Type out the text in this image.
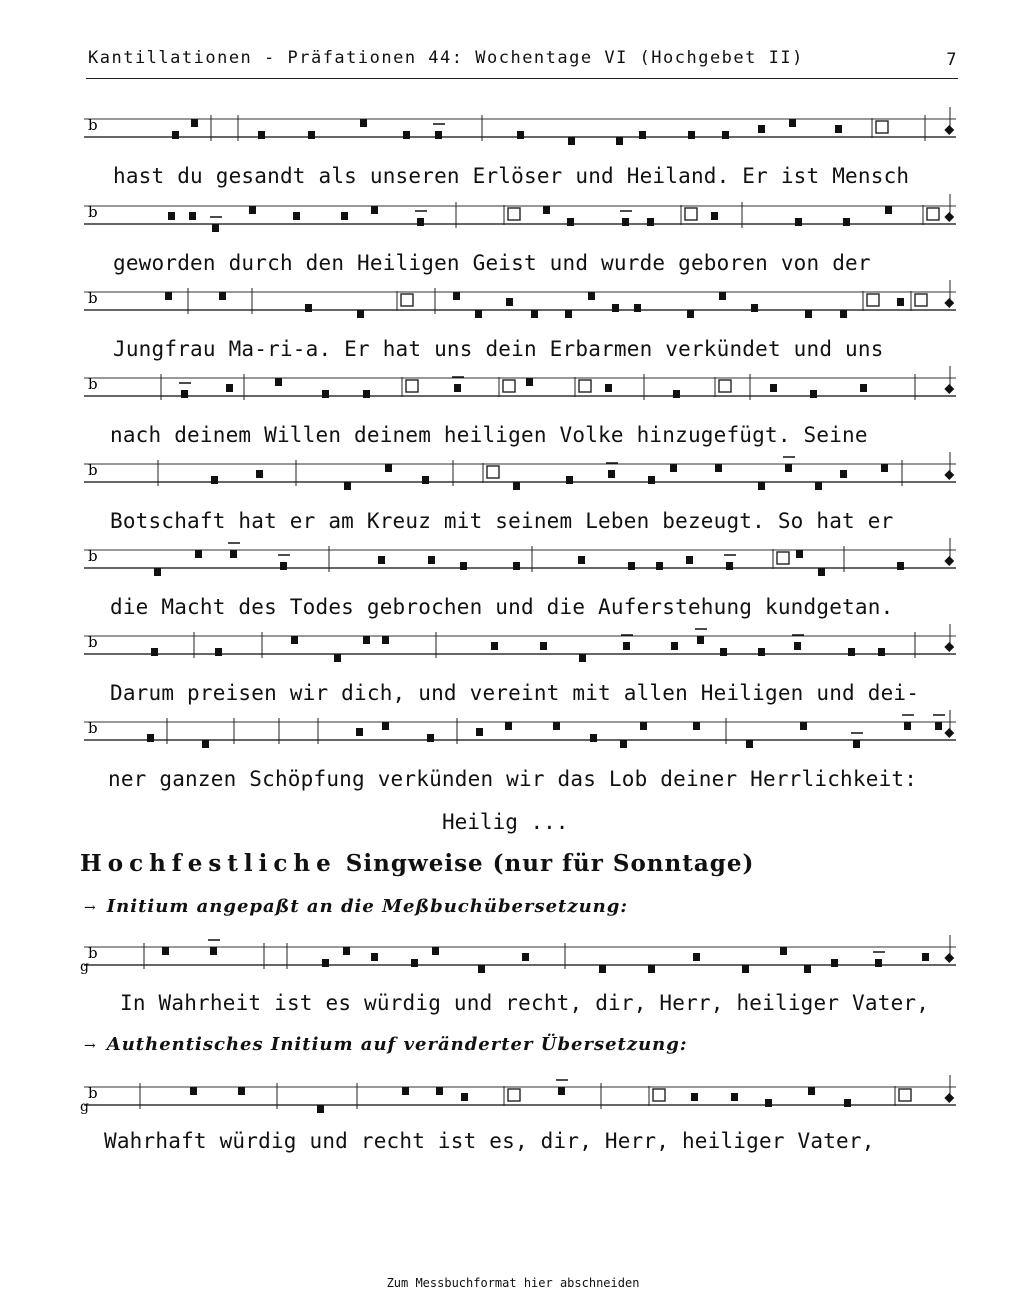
Kantillationen - Präfationen 44: Wochentage VI (Hochgebet II)	7
b
b
b
b
b
b
b
b
b
g
b
g
hast du gesandt als unseren Erlöser und Heiland. Er ist Mensch
geworden durch den Heiligen Geist und wurde geboren von der
Jungfrau Ma-ri-a. Er hat uns dein Erbarmen verkündet und uns
nach deinem Willen deinem heiligen Volke hinzugefügt. Seine
Botschaft hat er am Kreuz mit seinem Leben bezeugt. So hat er
die Macht des Todes gebrochen und die Auferstehung kundgetan.
Darum preisen wir dich, und vereint mit allen Heiligen und dei-
ner ganzen Schöpfung verkünden wir das Lob deiner Herrlichkeit:
Heilig ...
Hochfestliche Singweise (nur für Sonntage)
→ Initium angepaßt an die Meßbuchübersetzung:
In Wahrheit ist es würdig und recht, dir, Herr, heiliger Vater,
→ Authentisches Initium auf veränderter Übersetzung:
Wahrhaft würdig und recht ist es, dir, Herr, heiliger Vater,
Zum Messbuchformat hier abschneiden
